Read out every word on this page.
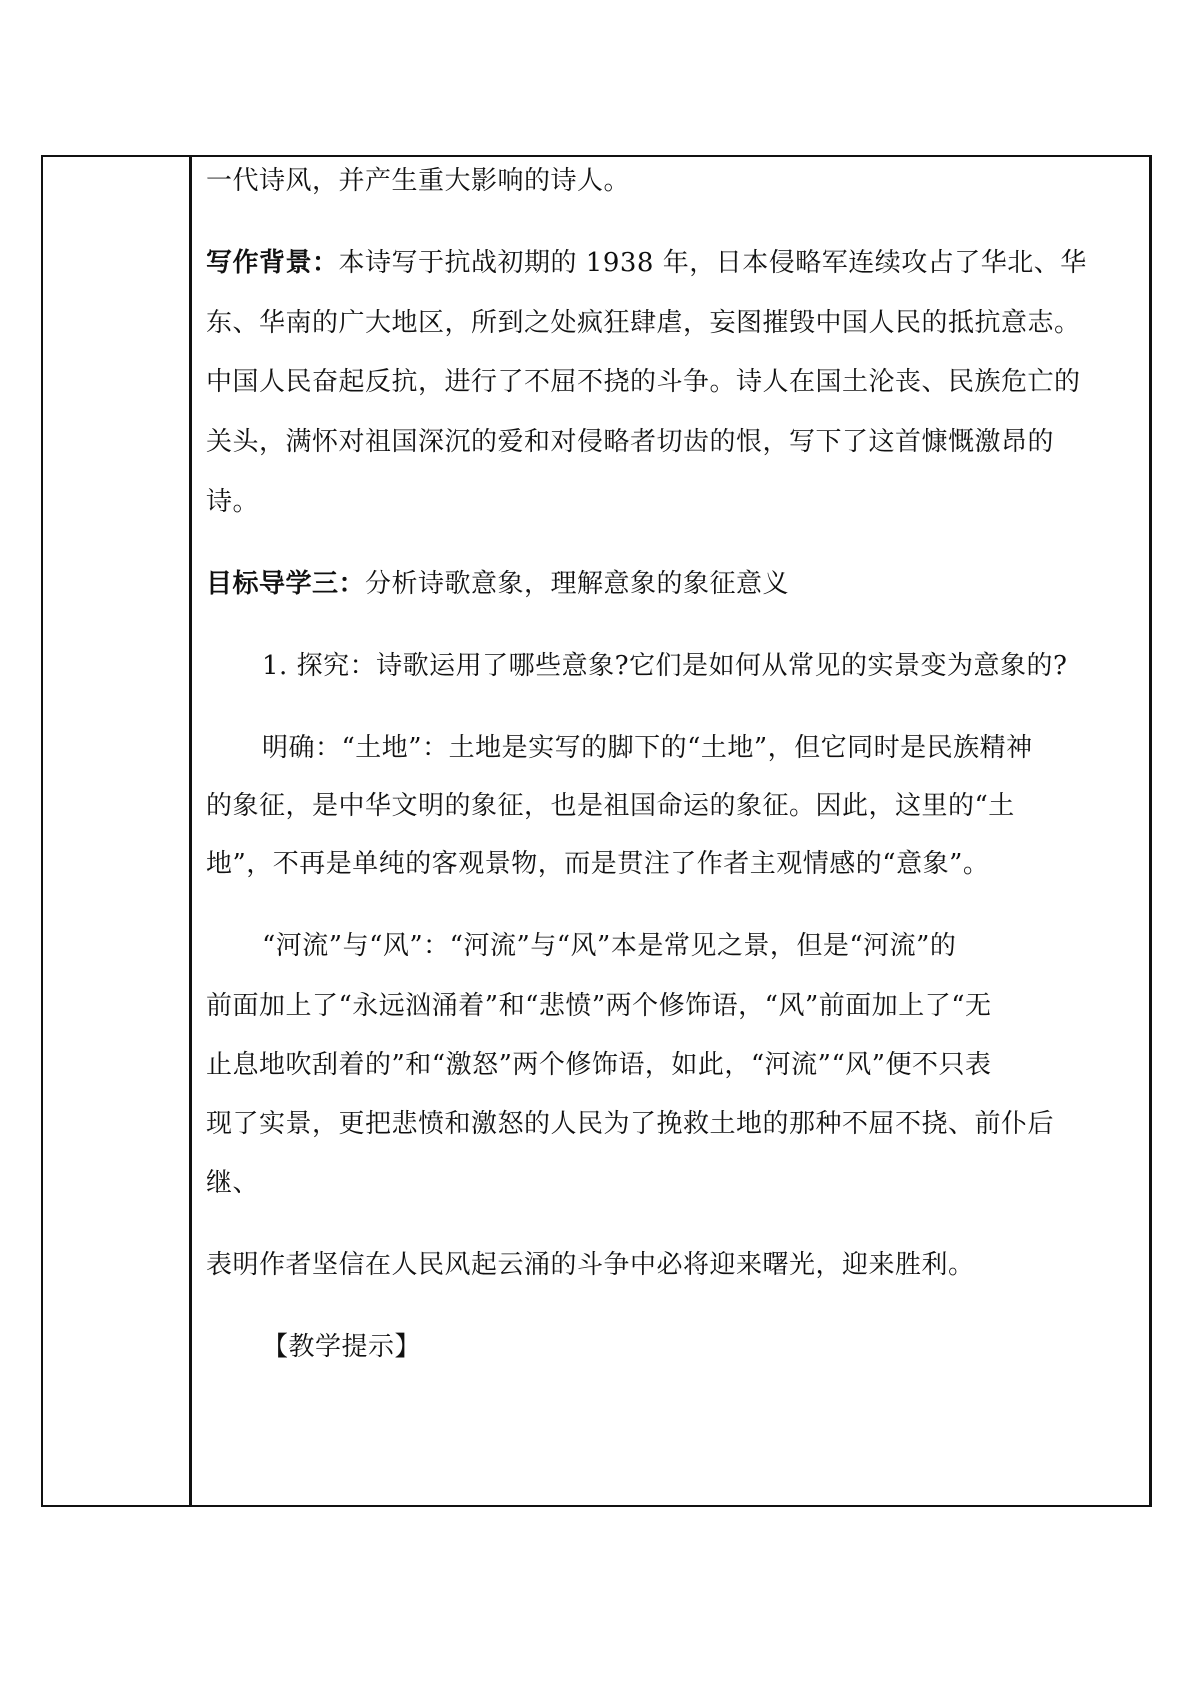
一代诗风，并产生重大影响的诗人。
写作背景：本诗写于抗战初期的 1938 年，日本侵略军连续攻占了华北、华
东、华南的广大地区，所到之处疯狂肆虐，妄图摧毁中国人民的抵抗意志。
中国人民奋起反抗，进行了不屈不挠的斗争。诗人在国土沦丧、民族危亡的
关头，满怀对祖国深沉的爱和对侵略者切齿的恨，写下了这首慷慨激昂的
诗。
目标导学三：分析诗歌意象，理解意象的象征意义
1. 探究：诗歌运用了哪些意象?它们是如何从常见的实景变为意象的?
明确：“土地”：土地是实写的脚下的“土地”，但它同时是民族精神
的象征，是中华文明的象征，也是祖国命运的象征。因此，这里的“土
地”，不再是单纯的客观景物，而是贯注了作者主观情感的“意象”。
“河流”与“风”：“河流”与“风”本是常见之景，但是“河流”的
前面加上了“永远汹涌着”和“悲愤”两个修饰语，“风”前面加上了“无
止息地吹刮着的”和“激怒”两个修饰语，如此，“河流”“风”便不只表
现了实景，更把悲愤和激怒的人民为了挽救土地的那种不屈不挠、前仆后
继、
表明作者坚信在人民风起云涌的斗争中必将迎来曙光，迎来胜利。
【教学提示】
